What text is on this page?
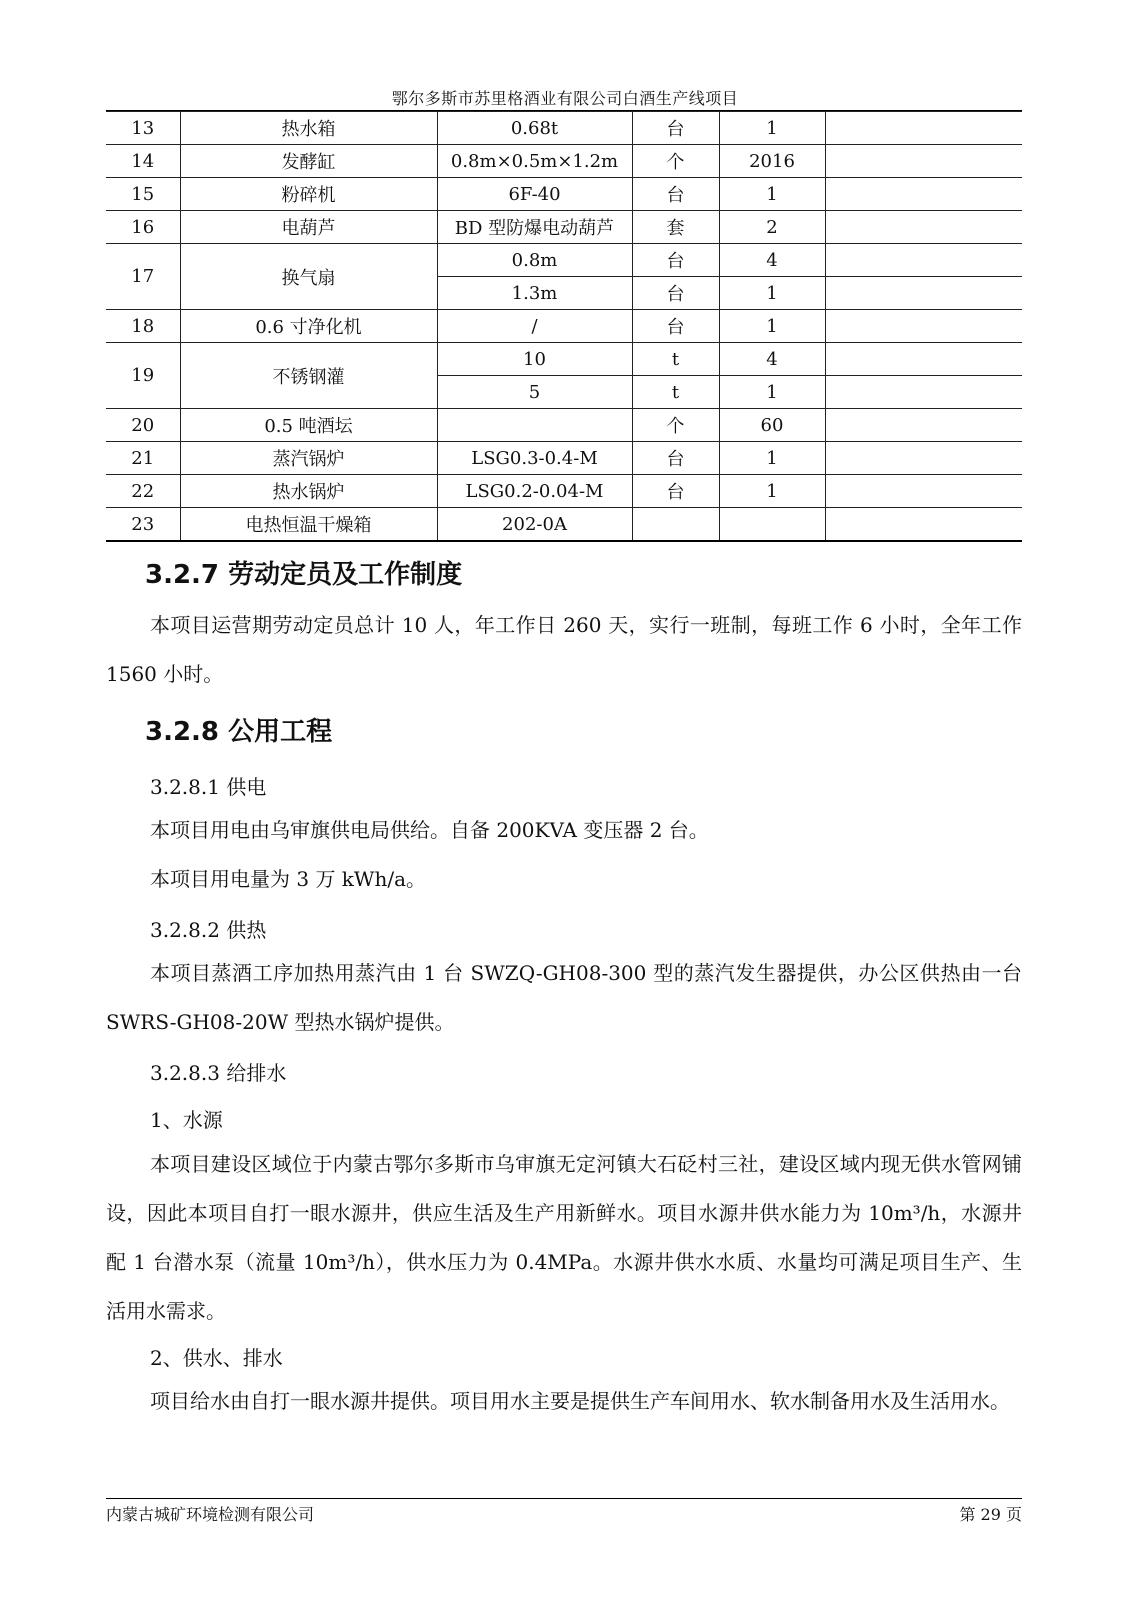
鄂尔多斯市苏里格酒业有限公司白酒生产线项目
13	热水箱	0.68t	台	1	
14	发酵缸	0.8m×0.5m×1.2m	个	2016	
15	粉碎机	6F-40	台	1	
16	电葫芦	BD 型防爆电动葫芦	套	2	
17	换气扇	0.8m	台	4	
		1.3m	台	1	
18	0.6 寸净化机	/	台	1	
19	不锈钢灌	10	t	4	
		5	t	1	
20	0.5 吨酒坛		个	60	
21	蒸汽锅炉	LSG0.3-0.4-M	台	1	
22	热水锅炉	LSG0.2-0.04-M	台	1	
23	电热恒温干燥箱	202-0A			
3.2.7 劳动定员及工作制度

本项目运营期劳动定员总计 10 人，年工作日 260 天，实行一班制，每班工作 6 小时，全年工作 1560 小时。

3.2.8 公用工程
3.2.8.1 供电

本项目用电由乌审旗供电局供给。自备 200KVA 变压器 2 台。

本项目用电量为 3 万 kWh/a。

3.2.8.2 供热

本项目蒸酒工序加热用蒸汽由 1 台 SWZQ-GH08-300 型的蒸汽发生器提供，办公区供热由一台 SWRS-GH08-20W 型热水锅炉提供。

3.2.8.3 给排水
1、水源

本项目建设区域位于内蒙古鄂尔多斯市乌审旗无定河镇大石砭村三社，建设区域内现无供水管网铺设，因此本项目自打一眼水源井，供应生活及生产用新鲜水。项目水源井供水能力为 10m³/h，水源井配 1 台潜水泵（流量 10m³/h），供水压力为 0.4MPa。水源井供水水质、水量均可满足项目生产、生活用水需求。

2、供水、排水

项目给水由自打一眼水源井提供。项目用水主要是提供生产车间用水、软水制备用水及生活用水。

内蒙古城矿环境检测有限公司	第 29 页
